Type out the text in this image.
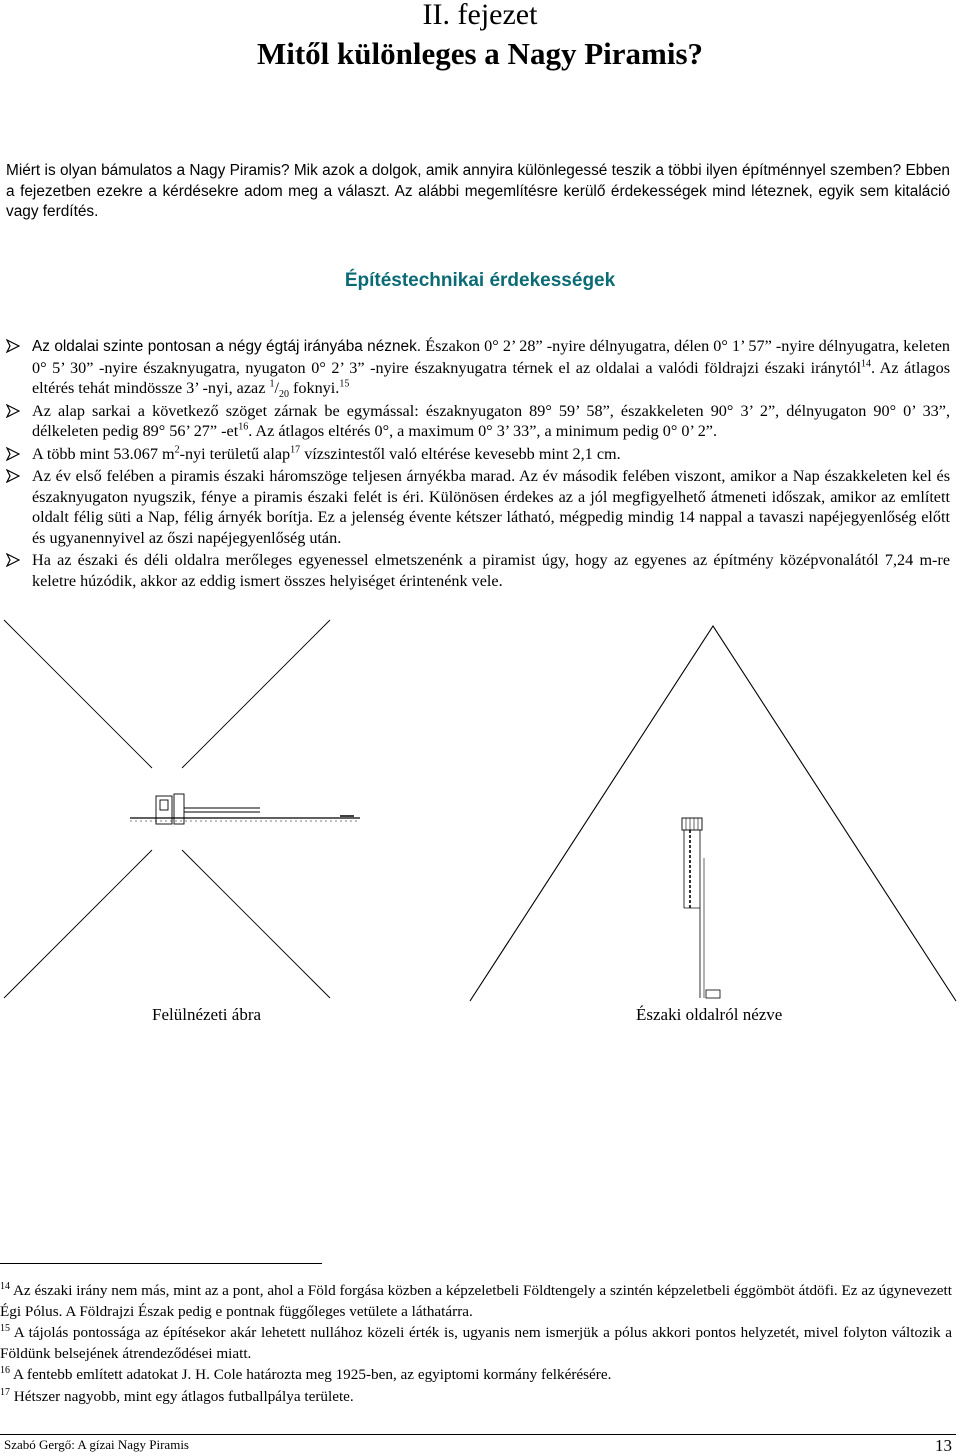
II. fejezet
Mitől különleges a Nagy Piramis?
Miért is olyan bámulatos a Nagy Piramis? Mik azok a dolgok, amik annyira különlegessé teszik a többi ilyen építménnyel szemben? Ebben a fejezetben ezekre a kérdésekre adom meg a választ. Az alábbi megemlítésre kerülő érdekességek mind léteznek, egyik sem kitaláció vagy ferdítés.
Építéstechnikai érdekességek
Az oldalai szinte pontosan a négy égtáj irányába néznek. Északon 0° 2’ 28” -nyire délnyugatra, délen 0° 1’ 57” -nyire délnyugatra, keleten 0° 5’ 30” -nyire északnyugatra, nyugaton 0° 2’ 3” -nyire északnyugatra térnek el az oldalai a valódi földrajzi északi iránytól$^{14}$. Az átlagos eltérés tehát mindössze 3’ -nyi, azaz $^1/_{20}$ foknyi.$^{15}$
Az alap sarkai a következő szöget zárnak be egymással: északnyugaton 89° 59’ 58”, északkeleten 90° 3’ 2”, délnyugaton 90° 0’ 33”, délkeleten pedig 89° 56’ 27” $-et^{16}$. Az átlagos eltérés 0°, a maximum 0° 3’ 33”, a minimum pedig 0° 0’ 2”.
A több mint 53.067 $m^2$-nyi területű alap$^{17}$ vízszintestől való eltérése kevesebb mint 2,1 cm.
Az év első felében a piramis északi háromszöge teljesen árnyékba marad. Az év második felében viszont, amikor a Nap északkeleten kel és északnyugaton nyugszik, fénye a piramis északi felét is éri. Különösen érdekes az a jól megfigyelhető átmeneti időszak, amikor az említett oldalt félig süti a Nap, félig árnyék borítja. Ez a jelenség évente kétszer látható, mégpedig mindig 14 nappal a tavaszi napéjegyenlőség előtt és ugyanennyivel az őszi napéjegyenlőség után.
Ha az északi és déli oldalra merőleges egyenessel elmetszenénk a piramist úgy, hogy az egyenes az építmény középvonalától 7,24 m-re keletre húzódik, akkor az eddig ismert összes helyiséget érintenénk vele.
Felülnézeti ábra	Északi oldalról nézve

$^{14}$ Az északi irány nem más, mint az a pont, ahol a Föld forgása közben a képzeletbeli Földtengely a szintén képzeletbeli éggömböt átdöfi. Ez az úgynevezett Égi Pólus. A Földrajzi Észak pedig e pontnak függőleges vetülete a láthatárra.

$^{15}$ A tájolás pontossága az építésekor akár lehetett nullához közeli érték is, ugyanis nem ismerjük a pólus akkori pontos helyzetét, mivel folyton változik a Földünk belsejének átrendeződései miatt.

$^{16}$ A fentebb említett adatokat J. H. Cole határozta meg 1925-ben, az egyiptomi kormány felkérésére.

$^{17}$ Hétszer nagyobb, mint egy átlagos futballpálya területe.

Szabó Gergő: A gízai Nagy Piramis	13
